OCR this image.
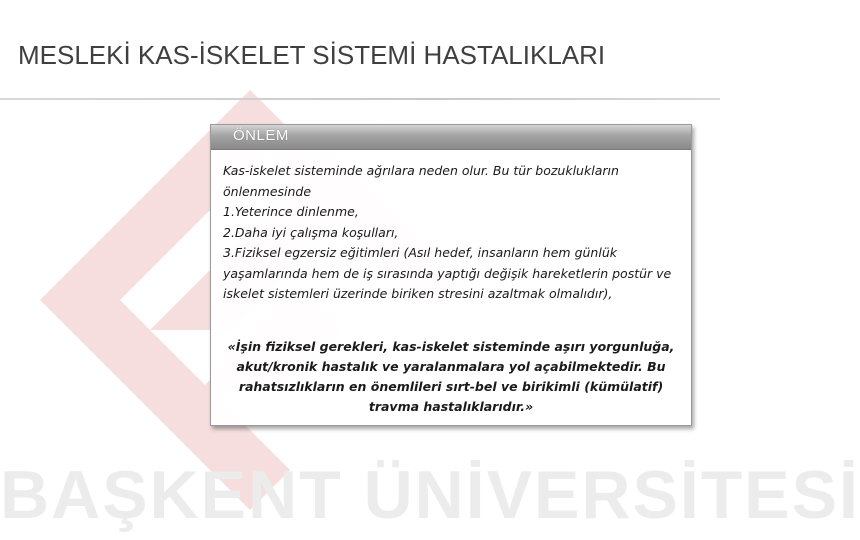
BAŞKENT ÜNİVERSİTESİ
MESLEKİ KAS-İSKELET SİSTEMİ HASTALIKLARI
ÖNLEM

Kas-iskelet sisteminde ağrılara neden olur. Bu tür bozuklukların önlenmesinde

1.Yeterince dinlenme,

2.Daha iyi çalışma koşulları,

3.Fiziksel egzersiz eğitimleri (Asıl hedef, insanların hem günlük yaşamlarında hem de iş sırasında yaptığı değişik hareketlerin postür ve iskelet sistemleri üzerinde biriken stresini azaltmak olmalıdır),

«İşin fiziksel gerekleri, kas-iskelet sisteminde aşırı yorgunluğa, akut/kronik hastalık ve yaralanmalara yol açabilmektedir. Bu rahatsızlıkların en önemlileri sırt-bel ve birikimli (kümülatif) travma hastalıklarıdır.»
